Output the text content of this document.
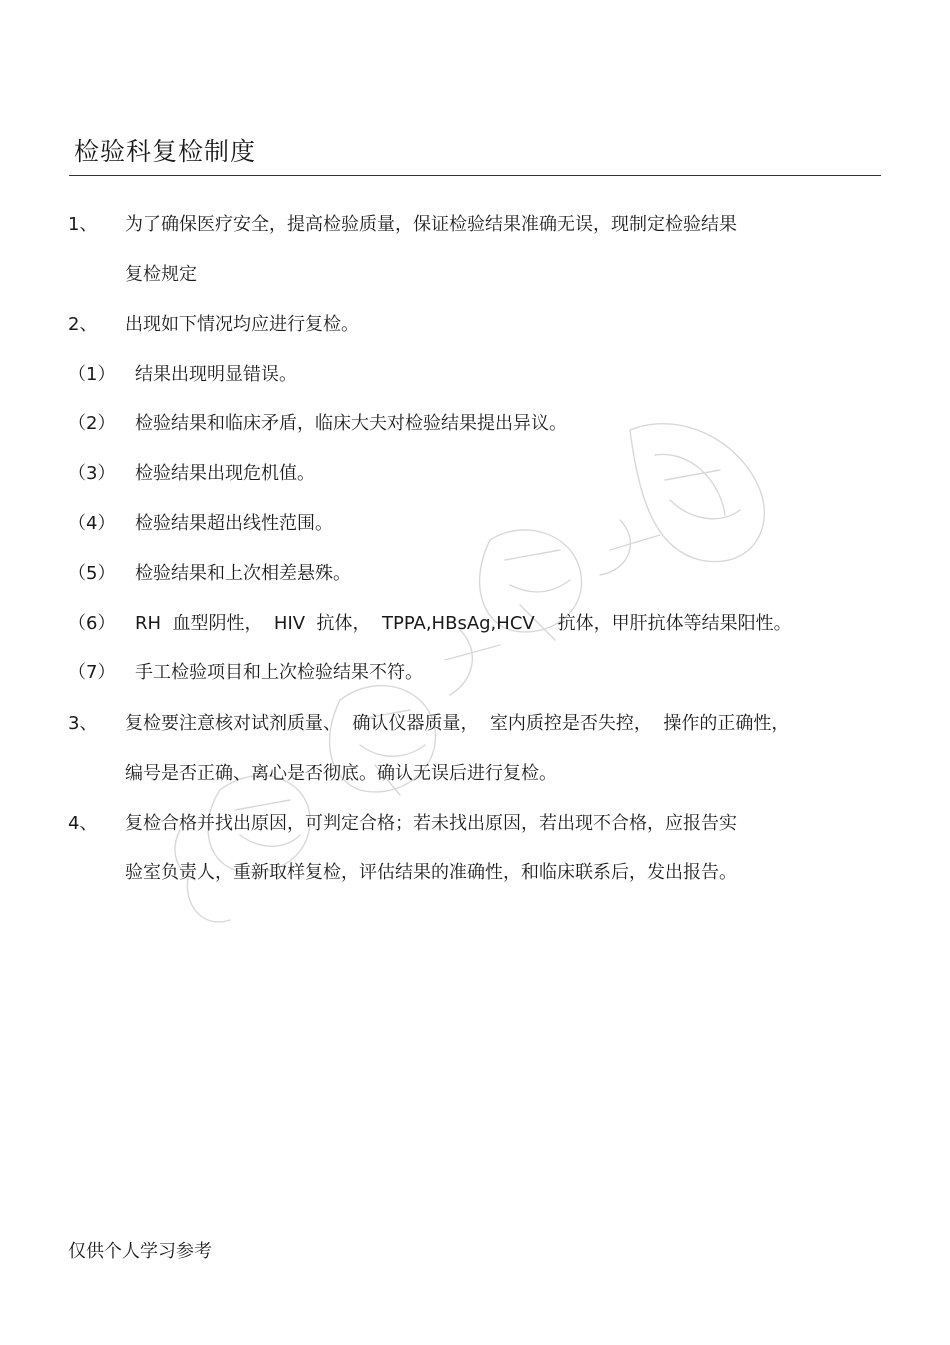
检验科复检制度
1、 为了确保医疗安全，提高检验质量，保证检验结果准确无误，现制定检验结果
复检规定
2、 出现如下情况均应进行复检。
（1） 结果出现明显错误。
（2） 检验结果和临床矛盾，临床大夫对检验结果提出异议。
（3） 检验结果出现危机值。
（4） 检验结果超出线性范围。
（5） 检验结果和上次相差悬殊。
（6） RH  血型阴性，  HIV  抗体，  TPPA,HBsAg,HCV    抗体，甲肝抗体等结果阳性。
（7） 手工检验项目和上次检验结果不符。
3、 复检要注意核对试剂质量、  确认仪器质量，  室内质控是否失控，  操作的正确性，
编号是否正确、离心是否彻底。确认无误后进行复检。
4、 复检合格并找出原因，可判定合格；若未找出原因，若出现不合格，应报告实
验室负责人，重新取样复检，评估结果的准确性，和临床联系后，发出报告。
仅供个人学习参考
